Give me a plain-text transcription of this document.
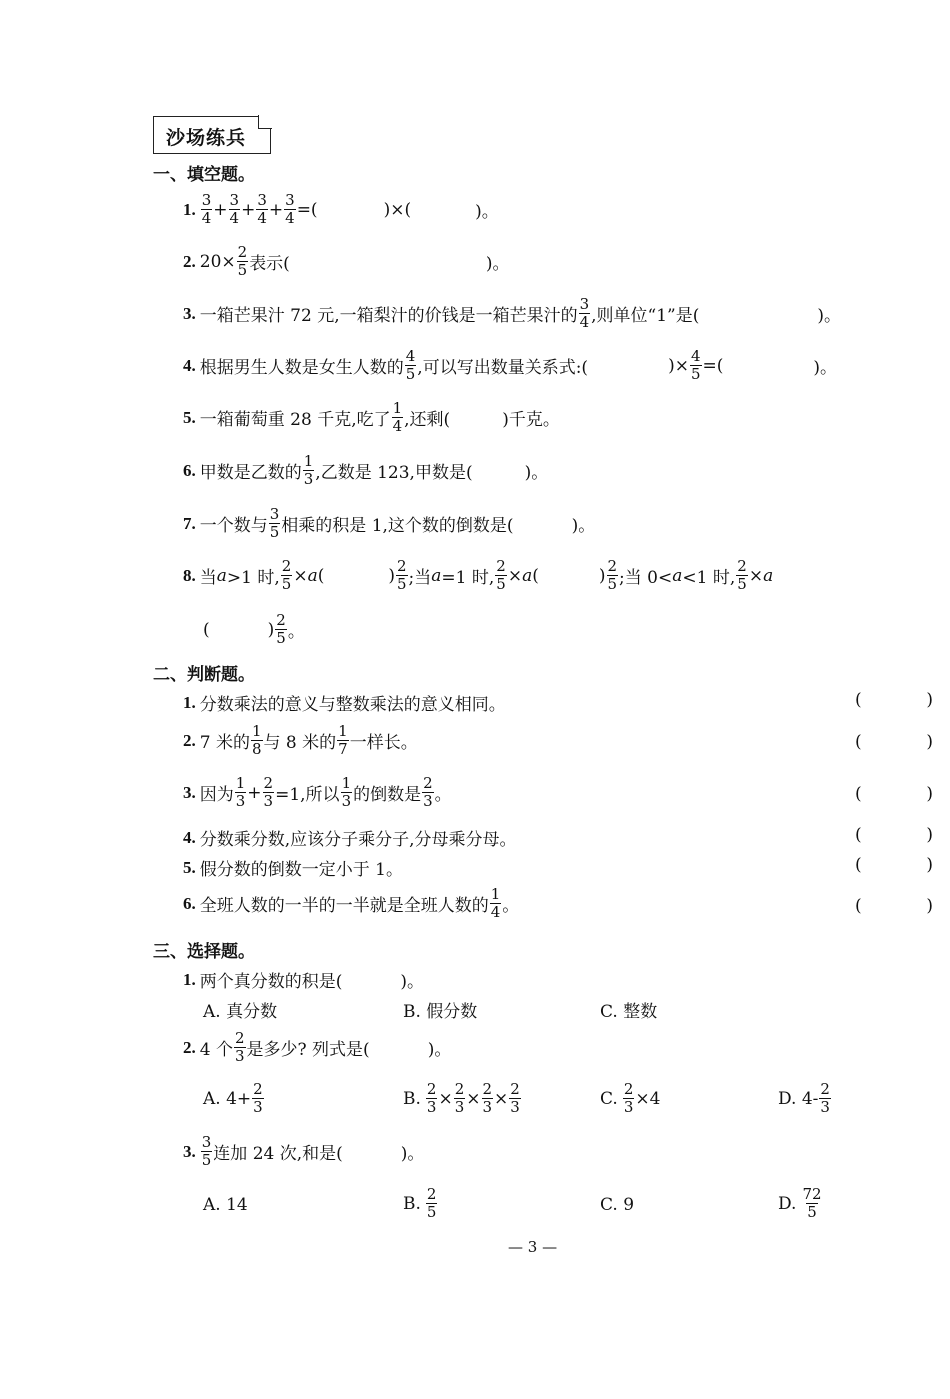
沙场练兵
一、填空题。
1. $\frac{3}{4} + \frac{3}{4} + \frac{3}{4} + \frac{3}{4}$ =(	)×(	)。
2. $20\times \frac{2}{5}$ 表示(	)。
3. 一箱芒果汁 72 元,一箱梨汁的价钱是一箱芒果汁的 $\frac{3}{4}$ ,则单位“1”是(	)。
4. 根据男生人数是女生人数的 $\frac{4}{5}$ ,可以写出数量关系式:(	)× $\frac{4}{5}$ =(	)。
5. 一箱葡萄重 28 千克,吃了 $\frac{1}{4}$ ,还剩(	)千克。
6. 甲数是乙数的 $\frac{1}{3}$ ,乙数是 123,甲数是(	)。
7. 一个数与 $\frac{3}{5}$ 相乘的积是 1,这个数的倒数是(	)。
8. 当 a >1 时, $\frac{2}{5} \times a$ (	) $\frac{2}{5}$ ;当 a =1 时, $\frac{2}{5} \times a$ (	) $\frac{2}{5}$ ;当 0< a <1 时, $\frac{2}{5} \times a$
(	) $\frac{2}{5}$ 。
二、判断题。
1. 分数乘法的意义与整数乘法的意义相同。	(	)
2. 7 米的 $\frac{1}{8}$ 与 8 米的 $\frac{1}{7}$ 一样长。	(	)
3. 因为 $\frac{1}{3} + \frac{2}{3} =1$,所以 $\frac{1}{3}$ 的倒数是 $\frac{2}{3}$ 。	(	)
4. 分数乘分数,应该分子乘分子,分母乘分母。	(	)
5. 假分数的倒数一定小于 1。	(	)
6. 全班人数的一半的一半就是全班人数的 $\frac{1}{4}$ 。	(	)
三、选择题。
1. 两个真分数的积是(	)。
A. 真分数	B. 假分数	C. 整数
2. 4 个 $\frac{2}{3}$ 是多少? 列式是(	)。
A. $4+ \frac{2}{3}$	B. $\frac{2}{3} \times \frac{2}{3} \times \frac{2}{3} \times \frac{2}{3}$	C. $\frac{2}{3} \times 4$	D. $4- \frac{2}{3}$
3. $\frac{3}{5}$ 连加 24 次,和是(	)。
A. 14	B. $\frac{2}{5}$	C. 9	D. $\frac{72}{5}$
— 3 —
